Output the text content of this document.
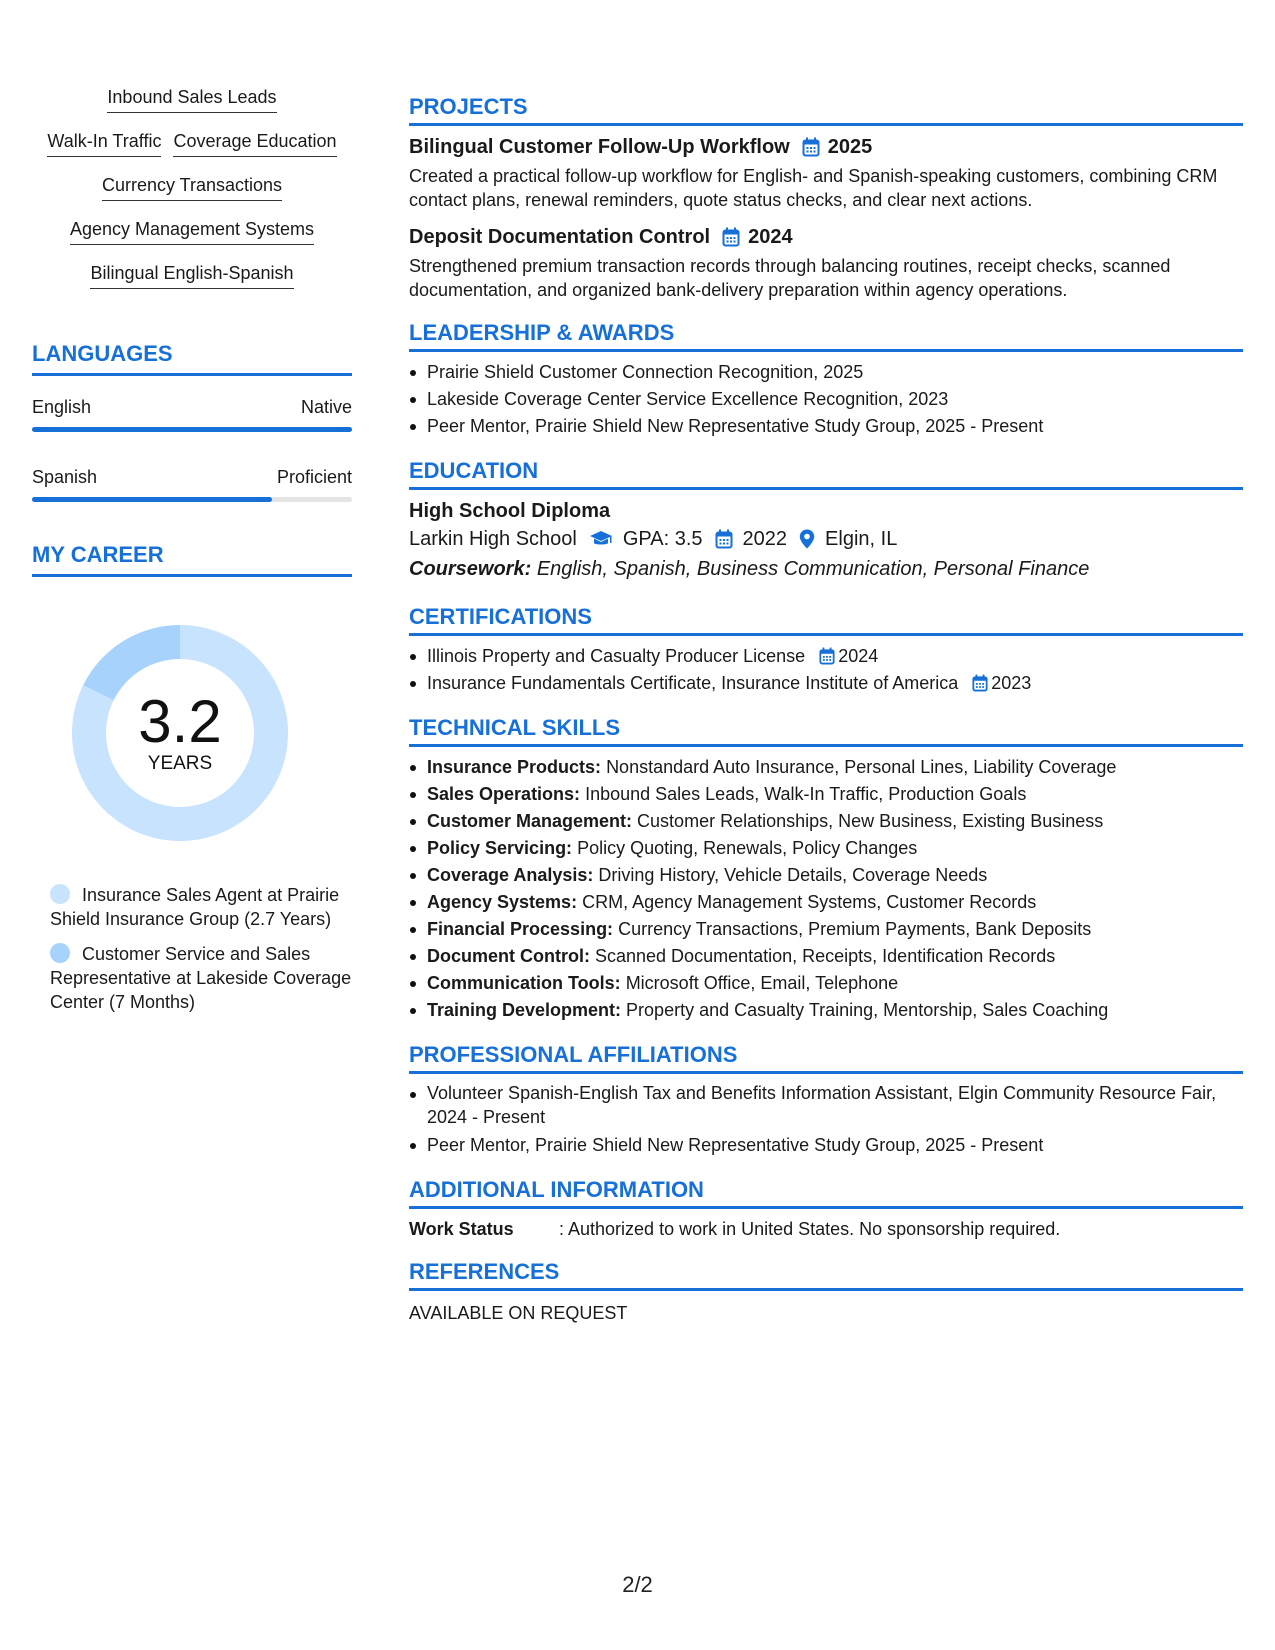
Inbound Sales Leads
Walk-In Traffic Coverage Education
Currency Transactions
Agency Management Systems
Bilingual English-Spanish
LANGUAGES
English	Native
Spanish	Proficient
MY CAREER
3.2
YEARS
Insurance Sales Agent at Prairie Shield Insurance Group (2.7 Years)
Customer Service and Sales Representative at Lakeside Coverage Center (7 Months)
PROJECTS
Bilingual Customer Follow-Up Workflow 2025
Created a practical follow-up workflow for English- and Spanish-speaking customers, combining CRM contact plans, renewal reminders, quote status checks, and clear next actions.
Deposit Documentation Control 2024
Strengthened premium transaction records through balancing routines, receipt checks, scanned documentation, and organized bank-delivery preparation within agency operations.
LEADERSHIP & AWARDS
Prairie Shield Customer Connection Recognition, 2025
Lakeside Coverage Center Service Excellence Recognition, 2023
Peer Mentor, Prairie Shield New Representative Study Group, 2025 - Present
EDUCATION
High School Diploma
Larkin High School GPA: 3.5 2022 Elgin, IL
Coursework: English, Spanish, Business Communication, Personal Finance
CERTIFICATIONS
Illinois Property and Casualty Producer License 2024
Insurance Fundamentals Certificate, Insurance Institute of America 2023
TECHNICAL SKILLS
Insurance Products: Nonstandard Auto Insurance, Personal Lines, Liability Coverage
Sales Operations: Inbound Sales Leads, Walk-In Traffic, Production Goals
Customer Management: Customer Relationships, New Business, Existing Business
Policy Servicing: Policy Quoting, Renewals, Policy Changes
Coverage Analysis: Driving History, Vehicle Details, Coverage Needs
Agency Systems: CRM, Agency Management Systems, Customer Records
Financial Processing: Currency Transactions, Premium Payments, Bank Deposits
Document Control: Scanned Documentation, Receipts, Identification Records
Communication Tools: Microsoft Office, Email, Telephone
Training Development: Property and Casualty Training, Mentorship, Sales Coaching
PROFESSIONAL AFFILIATIONS
Volunteer Spanish-English Tax and Benefits Information Assistant, Elgin Community Resource Fair, 2024 - Present
Peer Mentor, Prairie Shield New Representative Study Group, 2025 - Present
ADDITIONAL INFORMATION
Work Status	: Authorized to work in United States. No sponsorship required.
REFERENCES
AVAILABLE ON REQUEST
2/2
